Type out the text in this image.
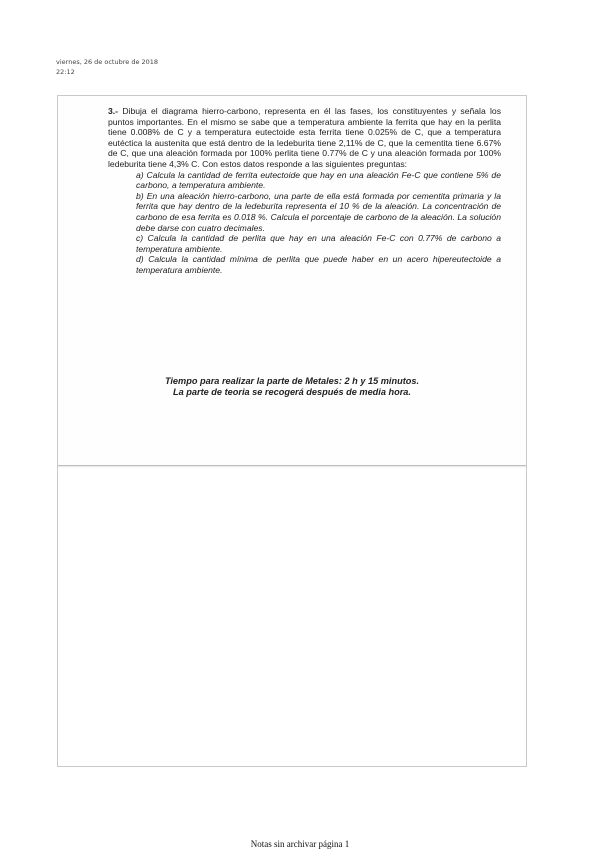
viernes, 26 de octubre de 2018
22:12

3.- Dibuja el diagrama hierro-carbono, representa en él las fases, los constituyentes y señala los puntos importantes. En el mismo se sabe que a temperatura ambiente la ferrita que hay en la perlita tiene 0.008% de C y a temperatura eutectoide esta ferrita tiene 0.025% de C, que a temperatura eutéctica la austenita que está dentro de la ledeburita tiene 2,11% de C, que la cementita tiene 6.67% de C, que una aleación formada por 100% perlita tiene 0.77% de C y una aleación formada por 100% ledeburita tiene 4,3% C. Con estos datos responde a las siguientes preguntas:

a) Calcula la cantidad de ferrita eutectoide que hay en una aleación Fe-C que contiene 5% de carbono, a temperatura ambiente.

b) En una aleación hierro-carbono, una parte de ella está formada por cementita primaria y la ferrita que hay dentro de la ledeburita representa el 10 % de la aleación. La concentración de carbono de esa ferrita es 0.018 %. Calcula el porcentaje de carbono de la aleación. La solución debe darse con cuatro decimales.

c) Calcula la cantidad de perlita que hay en una aleación Fe-C con 0.77% de carbono a temperatura ambiente.

d) Calcula la cantidad mínima de perlita que puede haber en un acero hipereutectoide a temperatura ambiente.

Tiempo para realizar la parte de Metales: 2 h y 15 minutos.

La parte de teoria se recogerá después de media hora.

Notas sin archivar página 1
